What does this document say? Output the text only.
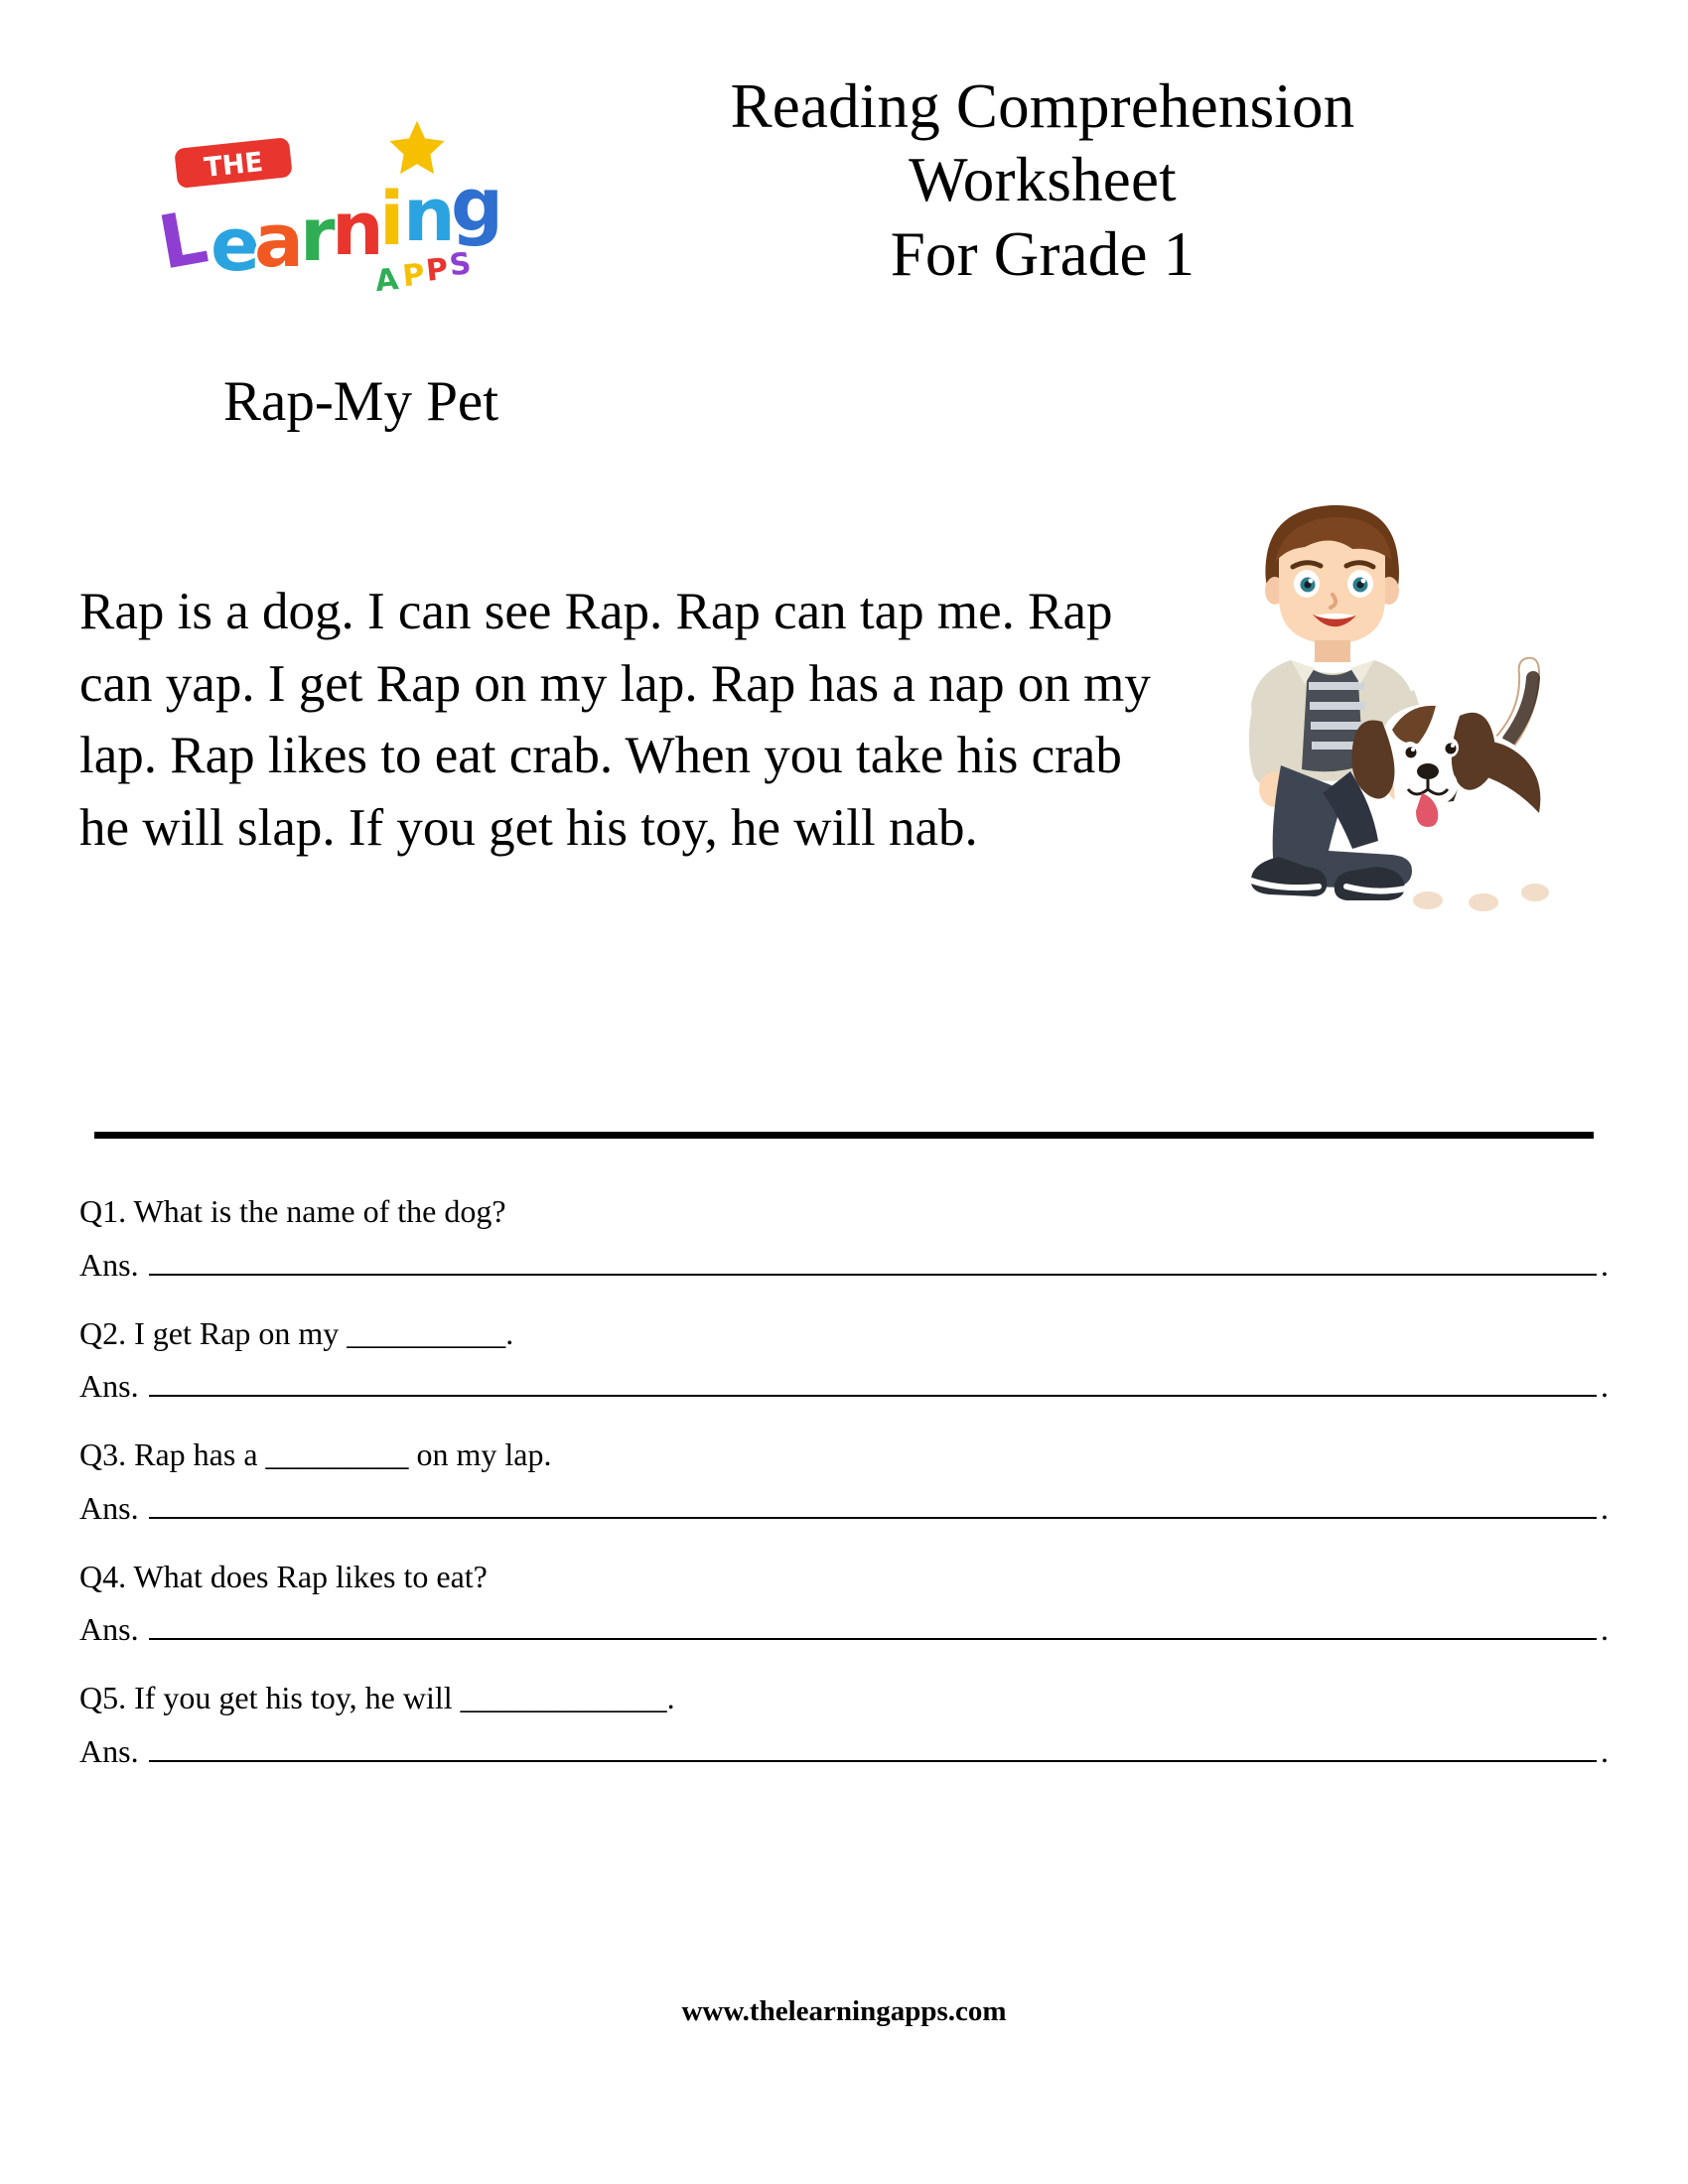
THE
L
e
a
r
n
i
n
g
A P
P
S
Reading Comprehension
Worksheet
For Grade 1
Rap-My Pet
Rap is a dog. I can see Rap. Rap can tap me. Rap can yap. I get Rap on my lap. Rap has a nap on my lap. Rap likes to eat crab. When you take his crab he will slap. If you get his toy, he will nab.

Q1. What is the name of the dog?

Ans.	.

Q2. I get Rap on my __________.

Ans.	.

Q3. Rap has a _________ on my lap.

Ans.	.

Q4. What does Rap likes to eat?

Ans.	.

Q5. If you get his toy, he will _____________.

Ans.	.
www.thelearningapps.com
